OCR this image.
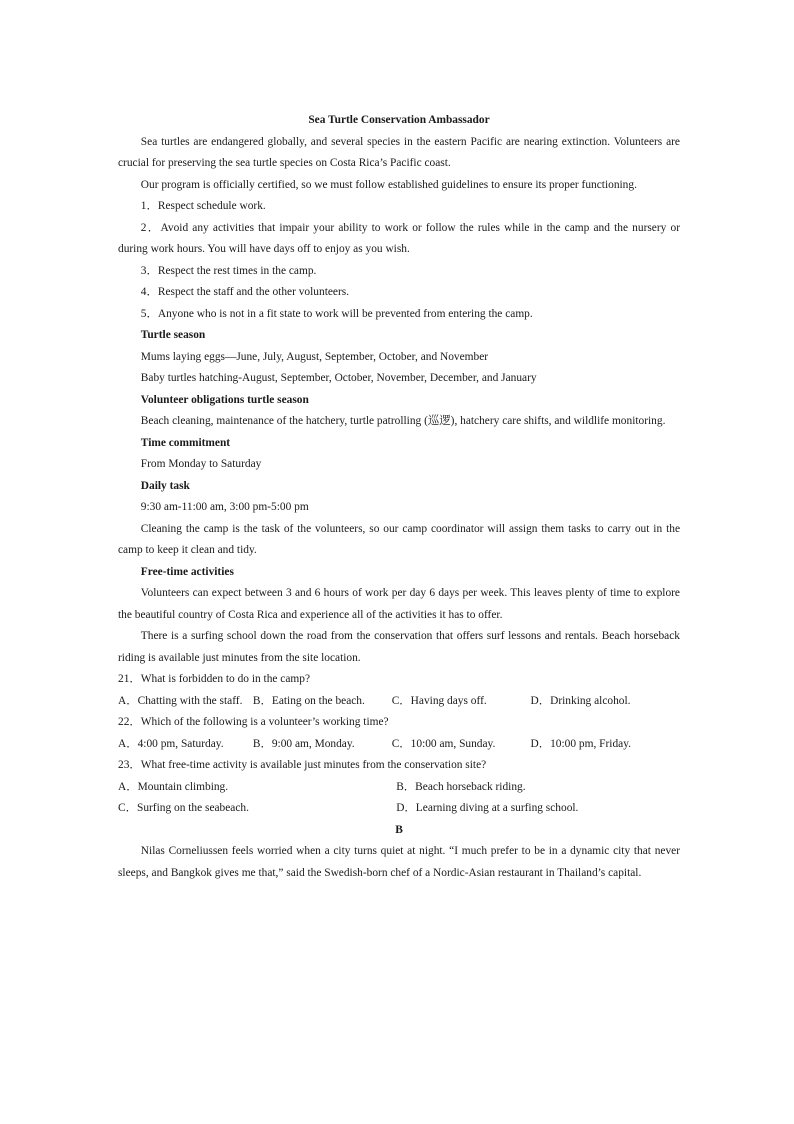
Sea Turtle Conservation Ambassador

Sea turtles are endangered globally, and several species in the eastern Pacific are nearing extinction. Volunteers are crucial for preserving the sea turtle species on Costa Rica’s Pacific coast.

Our program is officially certified, so we must follow established guidelines to ensure its proper functioning.

1．Respect schedule work.

2．Avoid any activities that impair your ability to work or follow the rules while in the camp and the nursery or during work hours. You will have days off to enjoy as you wish.

3．Respect the rest times in the camp.

4．Respect the staff and the other volunteers.

5．Anyone who is not in a fit state to work will be prevented from entering the camp.

Turtle season

Mums laying eggs—June, July, August, September, October, and November

Baby turtles hatching-August, September, October, November, December, and January

Volunteer obligations turtle season

Beach cleaning, maintenance of the hatchery, turtle patrolling (巡逻), hatchery care shifts, and wildlife monitoring.

Time commitment

From Monday to Saturday

Daily task

9:30 am-11:00 am, 3:00 pm-5:00 pm

Cleaning the camp is the task of the volunteers, so our camp coordinator will assign them tasks to carry out in the camp to keep it clean and tidy.

Free-time activities

Volunteers can expect between 3 and 6 hours of work per day 6 days per week. This leaves plenty of time to explore the beautiful country of Costa Rica and experience all of the activities it has to offer.

There is a surfing school down the road from the conservation that offers surf lessons and rentals. Beach horseback riding is available just minutes from the site location.

21．What is forbidden to do in the camp?

A．Chatting with the staff. B．Eating on the beach.	C．Having days off.	D．Drinking alcohol.

22．Which of the following is a volunteer’s working time?

A．4:00 pm, Saturday.	B．9:00 am, Monday.	C．10:00 am, Sunday.	D．10:00 pm, Friday.

23．What free-time activity is available just minutes from the conservation site?

A．Mountain climbing.	B．Beach horseback riding.
C．Surfing on the seabeach.	D．Learning diving at a surfing school.

B

Nilas Corneliussen feels worried when a city turns quiet at night. “I much prefer to be in a dynamic city that never sleeps, and Bangkok gives me that,” said the Swedish-born chef of a Nordic-Asian restaurant in Thailand’s capital.
